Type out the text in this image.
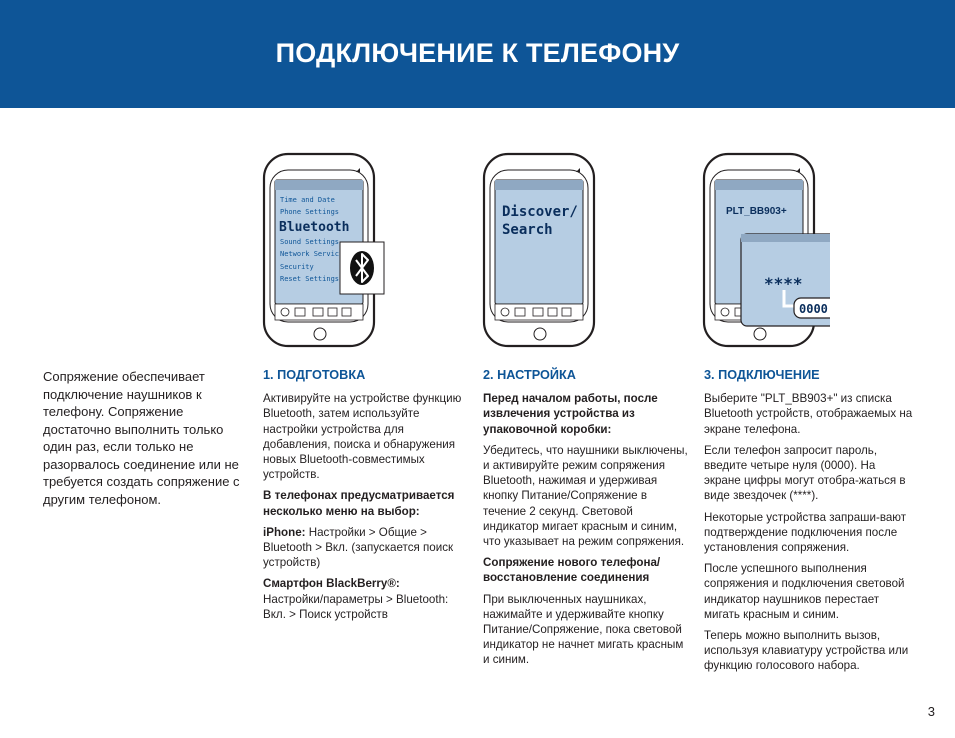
ПОДКЛЮЧЕНИЕ К ТЕЛЕФОНУ
Time and Date
Phone Settings
Bluetooth
Sound Settings
Network Servic
Security
Reset Settings
Discover/
Search
PLT_BB903+
****
0000
Сопряжение обеспечивает подключение наушников к телефону. Сопряжение достаточно выполнить только один раз, если только не разорвалось соединение или не требуется создать сопряжение с другим телефоном.
1. ПОДГОТОВКА

Активируйте на устройстве функцию Bluetooth, затем используйте настройки устройства для добавления, поиска и обнаружения новых Bluetooth-совместимых устройств.

В телефонах предусматривается несколько меню на выбор:

iPhone: Настройки > Общие > Bluetooth > Вкл. (запускается поиск устройств)

Смартфон BlackBerry®:
Настройки/параметры > Bluetooth: Вкл. > Поиск устройств

2. НАСТРОЙКА

Перед началом работы, после извлечения устройства из упаковочной коробки:

Убедитесь, что наушники выключены, и активируйте режим сопряжения Bluetooth, нажимая и удерживая кнопку Питание/Сопряжение в течение 2 секунд. Световой индикатор мигает красным и синим, что указывает на режим сопряжения.

Сопряжение нового телефона/ восстановление соединения

При выключенных наушниках, нажимайте и удерживайте кнопку Питание/Сопряжение, пока световой индикатор не начнет мигать красным и синим.

3. ПОДКЛЮЧЕНИЕ

Выберите "PLT_BB903+" из списка Bluetooth устройств, отображаемых на экране телефона.

Если телефон запросит пароль, введите четыре нуля (0000). На экране цифры могут отобра-жаться в виде звездочек (****).

Некоторые устройства запраши-вают подтверждение подключения после установления сопряжения.

После успешного выполнения сопряжения и подключения световой индикатор наушников перестает мигать красным и синим.

Теперь можно выполнить вызов, используя клавиатуру устройства или функцию голосового набора.

3
